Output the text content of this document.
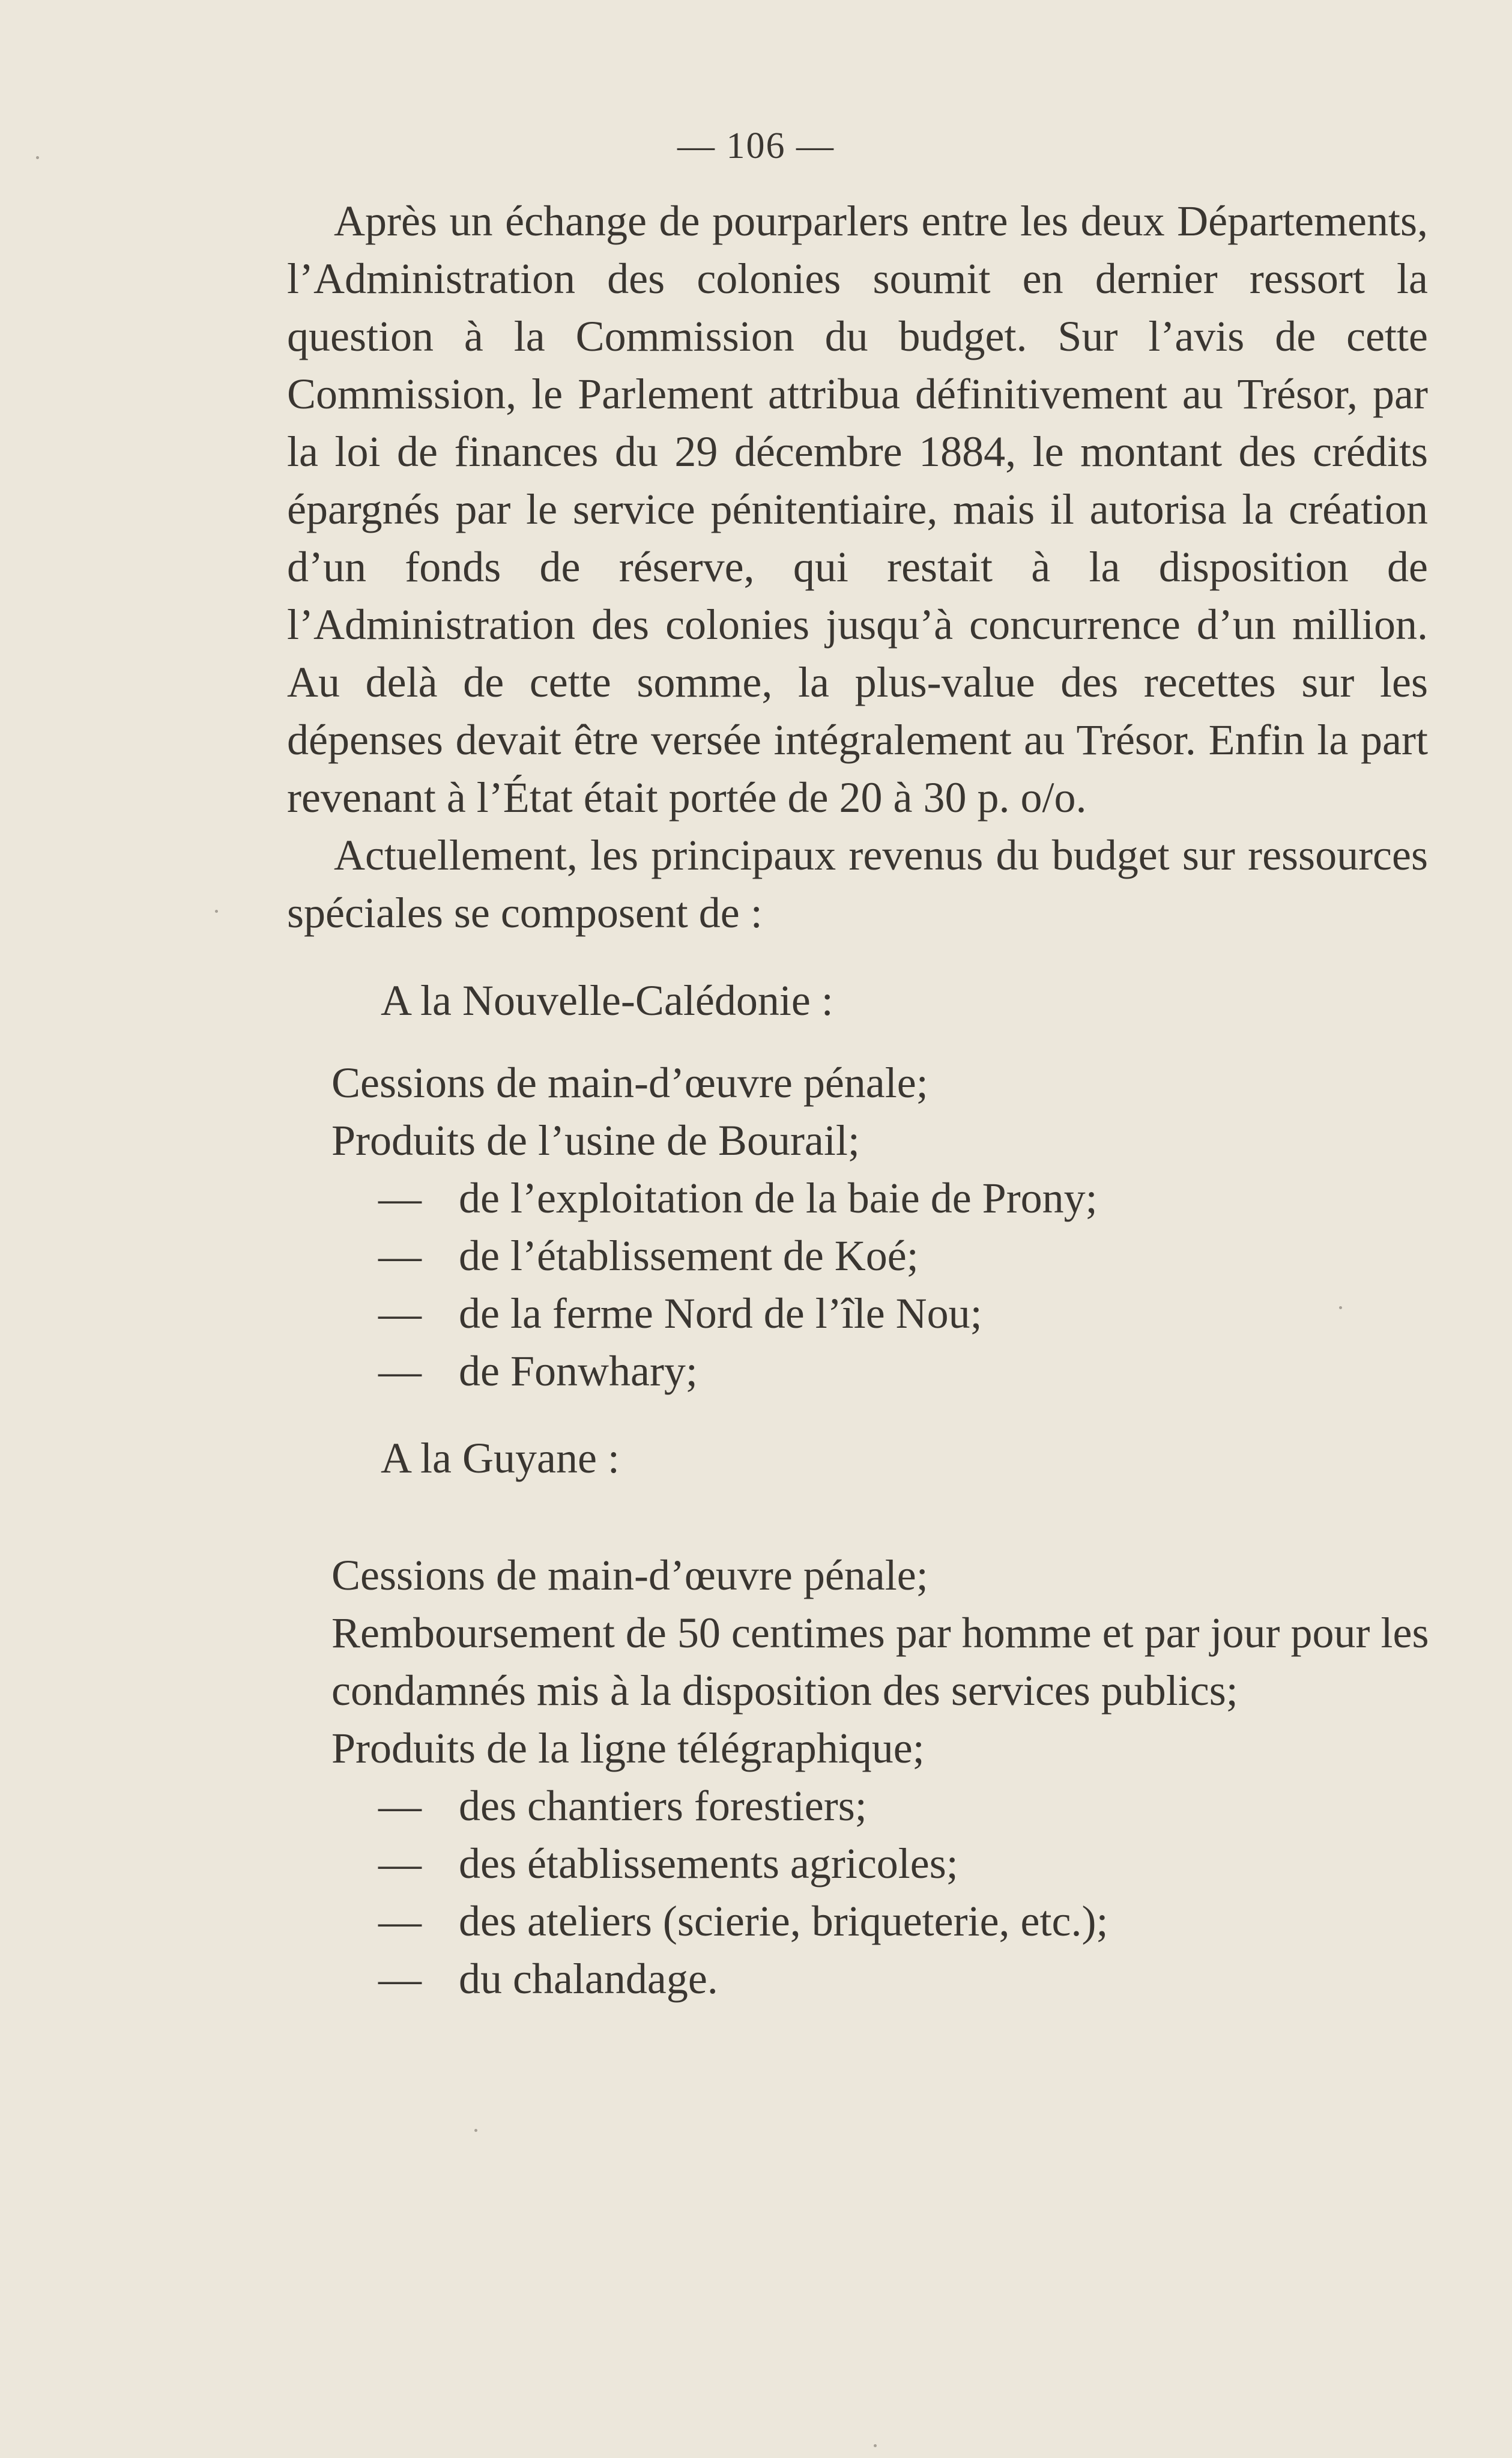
— 106 —

Après un échange de pourparlers entre les deux Départements, l’Administration des colonies soumit en dernier ressort la question à la Commission du budget. Sur l’avis de cette Commission, le Parlement attribua définitivement au Trésor, par la loi de finances du 29 décembre 1884, le montant des crédits épargnés par le service pénitentiaire, mais il autorisa la création d’un fonds de réserve, qui restait à la disposition de l’Administration des colonies jusqu’à concurrence d’un million. Au delà de cette somme, la plus-value des recettes sur les dépenses devait être versée intégralement au Trésor. Enfin la part revenant à l’État était portée de 20 à 30 p. o/o.

Actuellement, les principaux revenus du budget sur ressources spéciales se composent de :

A la Nouvelle-Calédonie :
Cessions de main-d’œuvre pénale;
Produits de l’usine de Bourail;
— de l’exploitation de la baie de Prony;
— de l’établissement de Koé;
— de la ferme Nord de l’île Nou;
— de Fonwhary;
A la Guyane :
Cessions de main-d’œuvre pénale;
Remboursement de 50 centimes par homme et par jour pour les condamnés mis à la disposition des services publics;
Produits de la ligne télégraphique;
— des chantiers forestiers;
— des établissements agricoles;
— des ateliers (scierie, briqueterie, etc.);
— du chalandage.
